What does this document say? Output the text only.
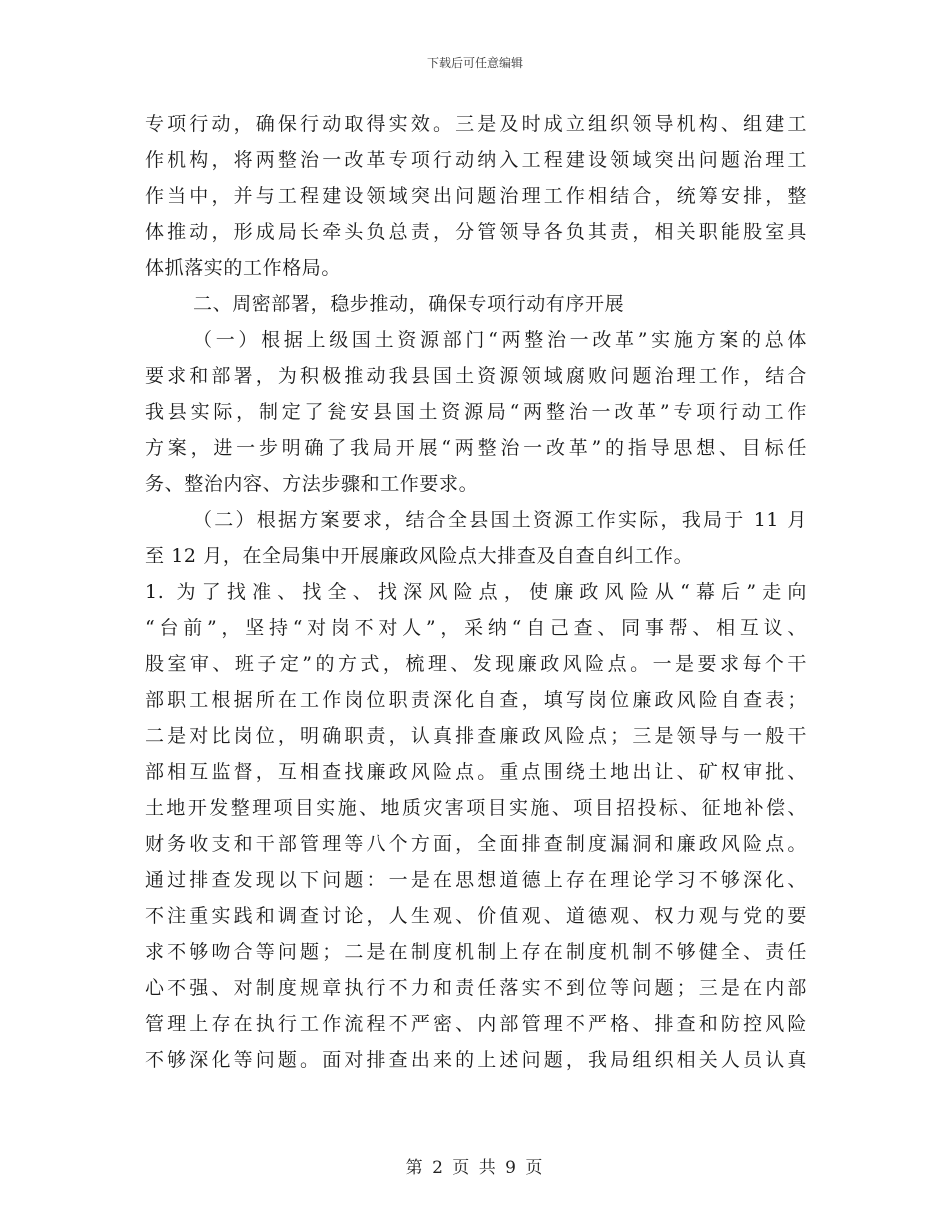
下载后可任意编辑
专项行动，确保行动取得实效。三是及时成立组织领导机构、组建工
作机构，将两整治一改革专项行动纳入工程建设领域突出问题治理工
作当中，并与工程建设领域突出问题治理工作相结合，统筹安排，整
体推动，形成局长牵头负总责，分管领导各负其责，相关职能股室具
体抓落实的工作格局。
二、周密部署，稳步推动，确保专项行动有序开展
（一）根据上级国土资源部门“两整治一改革”实施方案的总体
要求和部署，为积极推动我县国土资源领域腐败问题治理工作，结合
我县实际，制定了瓮安县国土资源局“两整治一改革”专项行动工作
方案，进一步明确了我局开展“两整治一改革”的指导思想、目标任
务、整治内容、方法步骤和工作要求。
（二）根据方案要求，结合全县国土资源工作实际，我局于 11 月
至 12 月，在全局集中开展廉政风险点大排查及自查自纠工作。
1. 为了找准、找全、找深风险点，使廉政风险从“幕后”走向
“台前”，坚持“对岗不对人”，采纳“自己查、同事帮、相互议、
股室审、班子定”的方式，梳理、发现廉政风险点。一是要求每个干
部职工根据所在工作岗位职责深化自查，填写岗位廉政风险自查表；
二是对比岗位，明确职责，认真排查廉政风险点；三是领导与一般干
部相互监督，互相查找廉政风险点。重点围绕土地出让、矿权审批、
土地开发整理项目实施、地质灾害项目实施、项目招投标、征地补偿、
财务收支和干部管理等八个方面，全面排查制度漏洞和廉政风险点。
通过排查发现以下问题：一是在思想道德上存在理论学习不够深化、
不注重实践和调查讨论，人生观、价值观、道德观、权力观与党的要
求不够吻合等问题；二是在制度机制上存在制度机制不够健全、责任
心不强、对制度规章执行不力和责任落实不到位等问题；三是在内部
管理上存在执行工作流程不严密、内部管理不严格、排查和防控风险
不够深化等问题。面对排查出来的上述问题，我局组织相关人员认真
第 2 页 共 9 页
